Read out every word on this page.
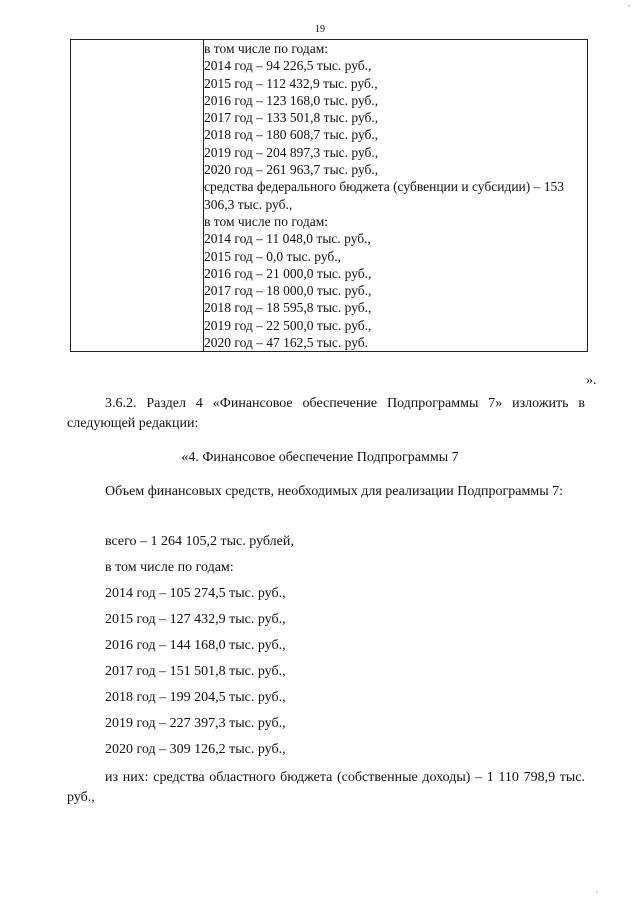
19
•
•

в том числе по годам:
2014 год – 94 226,5 тыс. руб.,
2015 год – 112 432,9 тыс. руб.,
2016 год – 123 168,0 тыс. руб.,
2017 год – 133 501,8 тыс. руб.,
2018 год – 180 608,7 тыс. руб.,
2019 год – 204 897,3 тыс. руб.,
2020 год – 261 963,7 тыс. руб.,
средства федерального бюджета (субвенции и субсидии) – 153 306,3 тыс. руб.,
в том числе по годам:
2014 год – 11 048,0 тыс. руб.,
2015 год – 0,0 тыс. руб.,
2016 год – 21 000,0 тыс. руб.,
2017 год – 18 000,0 тыс. руб.,
2018 год – 18 595,8 тыс. руб.,
2019 год – 22 500,0 тыс. руб.,
2020 год – 47 162,5 тыс. руб.
».
3.6.2. Раздел 4 «Финансовое обеспечение Подпрограммы 7» изложить в следующей редакции:
«4. Финансовое обеспечение Подпрограммы 7
Объем финансовых средств, необходимых для реализации Подпрограммы 7:
всего – 1 264 105,2 тыс. рублей,
в том числе по годам:
2014 год – 105 274,5 тыс. руб.,
2015 год – 127 432,9 тыс. руб.,
2016 год – 144 168,0 тыс. руб.,
2017 год – 151 501,8 тыс. руб.,
2018 год – 199 204,5 тыс. руб.,
2019 год – 227 397,3 тыс. руб.,
2020 год – 309 126,2 тыс. руб.,
из них: средства областного бюджета (собственные доходы) – 1 110 798,9 тыс. руб.,
